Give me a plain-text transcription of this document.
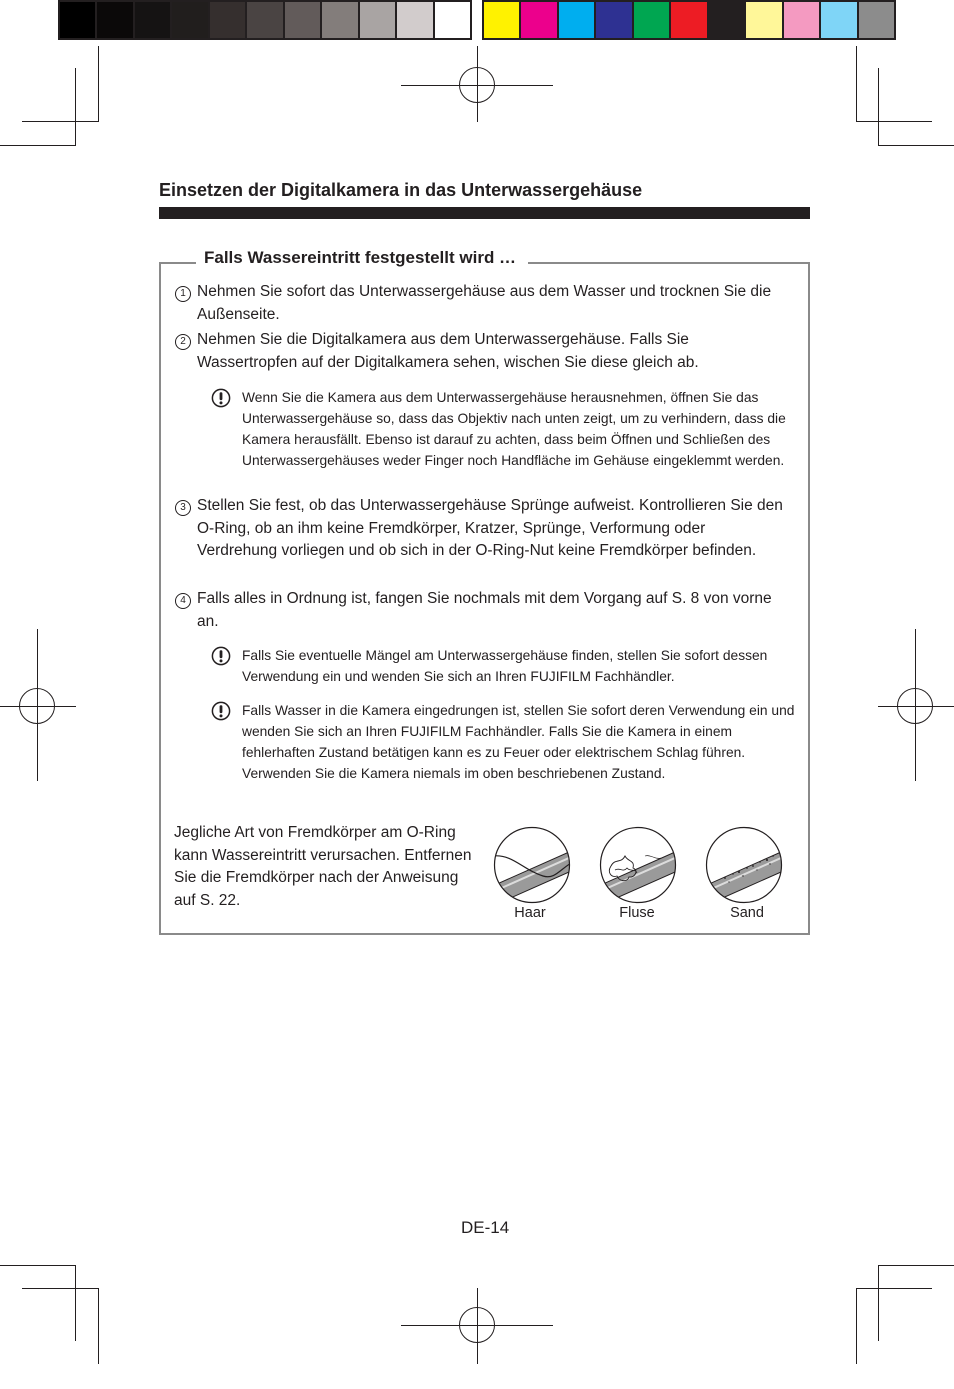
Einsetzen der Digitalkamera in das Unterwassergehäuse
Falls Wassereintritt festgestellt wird …
1 Nehmen Sie sofort das Unterwassergehäuse aus dem Wasser und trocknen Sie die Außenseite.
2 Nehmen Sie die Digitalkamera aus dem Unterwassergehäuse. Falls Sie Wassertropfen auf der Digitalkamera sehen, wischen Sie diese gleich ab.
Wenn Sie die Kamera aus dem Unterwassergehäuse herausnehmen, öffnen Sie das Unterwassergehäuse so, dass das Objektiv nach unten zeigt, um zu verhindern, dass die Kamera herausfällt. Ebenso ist darauf zu achten, dass beim Öffnen und Schließen des Unterwassergehäuses weder Finger noch Handfläche im Gehäuse eingeklemmt werden.
3 Stellen Sie fest, ob das Unterwassergehäuse Sprünge aufweist. Kontrollieren Sie den O-Ring, ob an ihm keine Fremdkörper, Kratzer, Sprünge, Verformung oder Verdrehung vorliegen und ob sich in der O-Ring-Nut keine Fremdkörper befinden.
4 Falls alles in Ordnung ist, fangen Sie nochmals mit dem Vorgang auf S. 8 von vorne an.
Falls Sie eventuelle Mängel am Unterwassergehäuse finden, stellen Sie sofort dessen Verwendung ein und wenden Sie sich an Ihren FUJIFILM Fachhändler.
Falls Wasser in die Kamera eingedrungen ist, stellen Sie sofort deren Verwendung ein und wenden Sie sich an Ihren FUJIFILM Fachhändler. Falls Sie die Kamera in einem fehlerhaften Zustand betätigen kann es zu Feuer oder elektrischem Schlag führen. Verwenden Sie die Kamera niemals im oben beschriebenen Zustand.
Jegliche Art von Fremdkörper am O-Ring kann Wassereintritt verursachen. Entfernen Sie die Fremdkörper nach der Anweisung auf S. 22.
Haar	Fluse	Sand
DE-14
